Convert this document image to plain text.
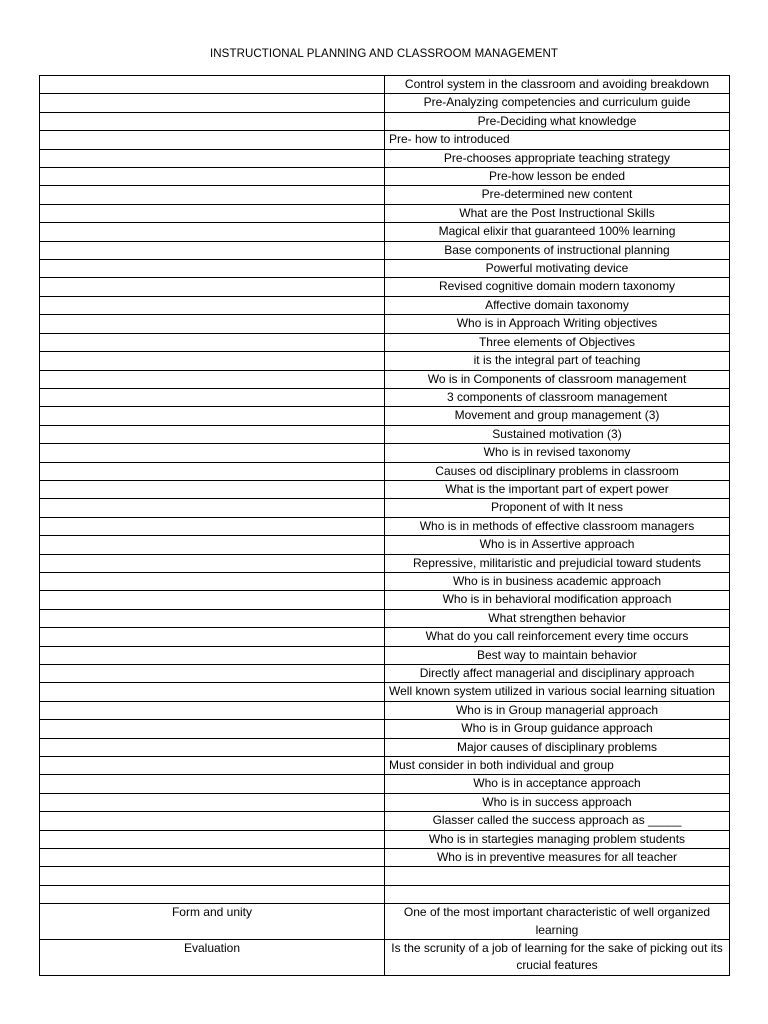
INSTRUCTIONAL PLANNING AND CLASSROOM MANAGEMENT
	Control system in the classroom and avoiding breakdown
	Pre-Analyzing competencies and curriculum guide
	Pre-Deciding what knowledge
	Pre- how to introduced
	Pre-chooses appropriate teaching strategy
	Pre-how lesson be ended
	Pre-determined new content
	What are the Post Instructional Skills
	Magical elixir that guaranteed 100% learning
	Base components of instructional planning
	Powerful motivating device
	Revised cognitive domain modern taxonomy
	Affective domain taxonomy
	Who is in Approach Writing objectives
	Three elements of Objectives
	it is the integral part of teaching
	Wo is in Components of classroom management
	3 components of classroom management
	Movement and group management (3)
	Sustained motivation (3)
	Who is in revised taxonomy
	Causes od disciplinary problems in classroom
	What is the important part of expert power
	Proponent of with It ness
	Who is in methods of effective classroom managers
	Who is in Assertive approach
	Repressive, militaristic and prejudicial toward students
	Who is in business academic approach
	Who is in behavioral modification approach
	What strengthen behavior
	What do you call reinforcement every time occurs
	Best way to maintain behavior
	Directly affect managerial and disciplinary approach
	Well known system utilized in various social learning situation
	Who is in Group managerial approach
	Who is in Group guidance approach
	Major causes of disciplinary problems
	Must consider in both individual and group
	Who is in acceptance approach
	Who is in success approach
	Glasser called the success approach as _____
	Who is in startegies managing problem students
	Who is in preventive measures for all teacher

Form and unity	One of the most important characteristic of well organized learning
Evaluation	Is the scrunity of a job of learning for the sake of picking out its crucial features
